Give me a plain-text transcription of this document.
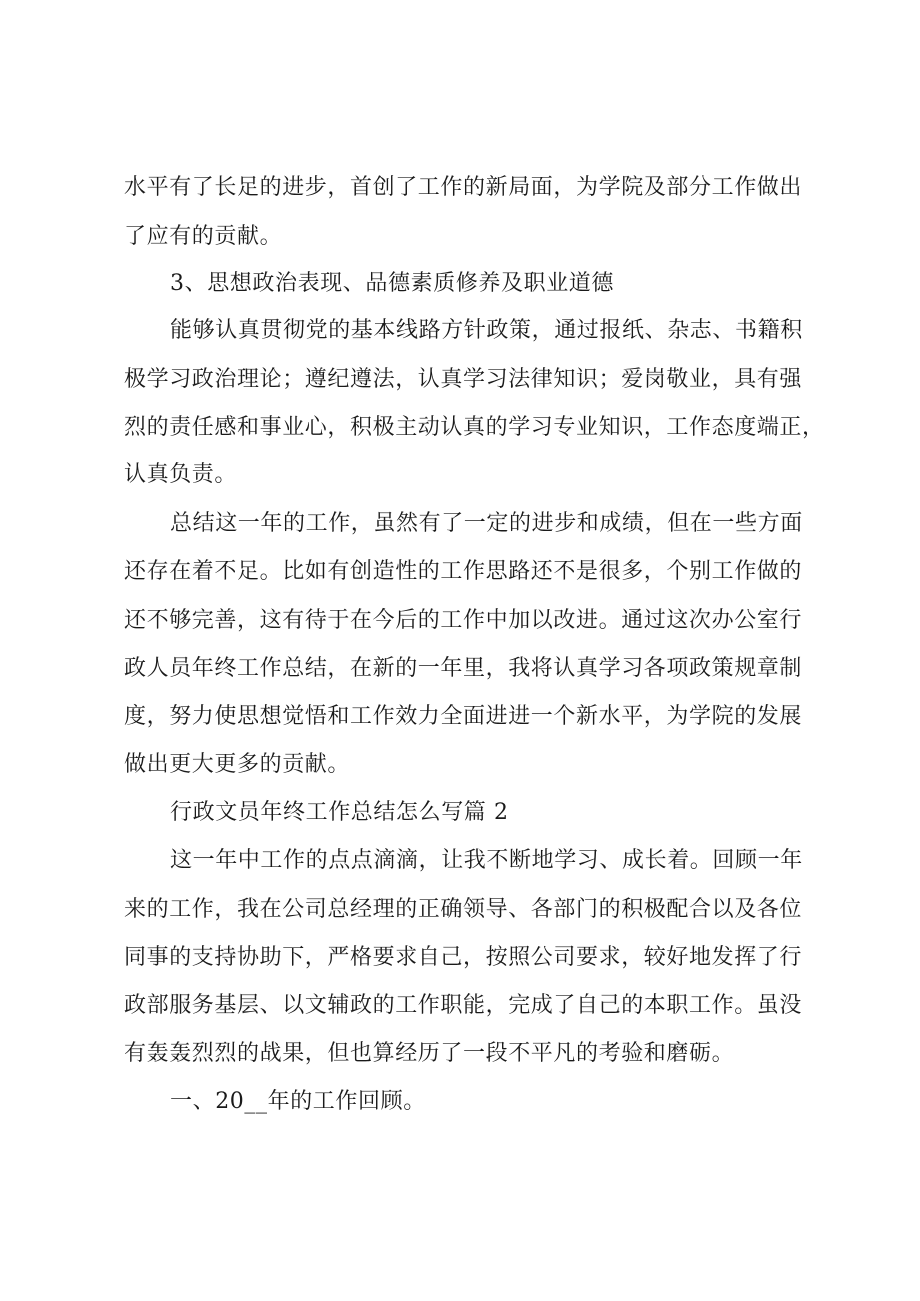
水平有了长足的进步，首创了工作的新局面，为学院及部分工作做出
了应有的贡献。
3、思想政治表现、品德素质修养及职业道德
能够认真贯彻党的基本线路方针政策，通过报纸、杂志、书籍积
极学习政治理论；遵纪遵法，认真学习法律知识；爱岗敬业，具有强
烈的责任感和事业心，积极主动认真的学习专业知识，工作态度端正，
认真负责。
总结这一年的工作，虽然有了一定的进步和成绩，但在一些方面
还存在着不足。比如有创造性的工作思路还不是很多，个别工作做的
还不够完善，这有待于在今后的工作中加以改进。通过这次办公室行
政人员年终工作总结，在新的一年里，我将认真学习各项政策规章制
度，努力使思想觉悟和工作效力全面进进一个新水平，为学院的发展
做出更大更多的贡献。
行政文员年终工作总结怎么写篇 2
这一年中工作的点点滴滴，让我不断地学习、成长着。回顾一年
来的工作，我在公司总经理的正确领导、各部门的积极配合以及各位
同事的支持协助下，严格要求自己，按照公司要求，较好地发挥了行
政部服务基层、以文辅政的工作职能，完成了自己的本职工作。虽没
有轰轰烈烈的战果，但也算经历了一段不平凡的考验和磨砺。
一、20__年的工作回顾。
